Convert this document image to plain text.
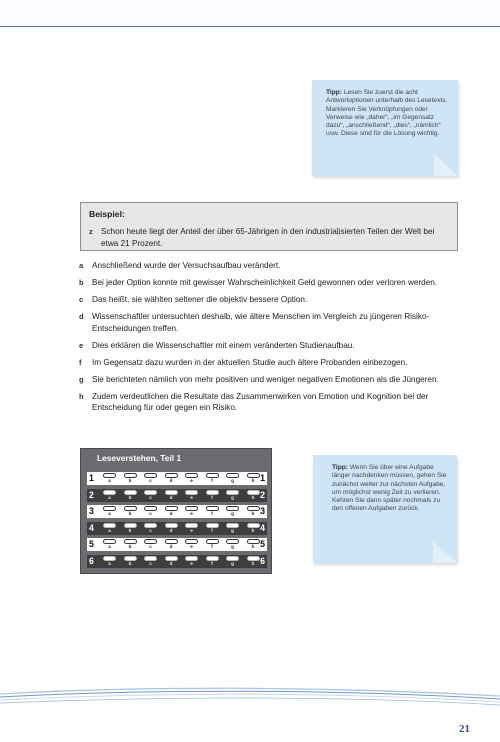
Tipp: Lesen Sie zuerst die acht Antwortoptionen unterhalb des Lesetexts. Markieren Sie Verknüpfungen oder Verweise wie „daher“, „im Gegensatz dazu“, „anschließend“, „dies“, „nämlich“ usw. Diese sind für die Lösung wichtig.
Beispiel:
z Schon heute liegt der Anteil der über 65-Jährigen in den industrialisierten Teilen der Welt bei etwa 21 Prozent.
a Anschließend wurde der Versuchsaufbau verändert.
b Bei jeder Option konnte mit gewisser Wahrscheinlichkeit Geld gewonnen oder verloren werden.
c Das heißt, sie wählten seltener die objektiv bessere Option.
d Wissenschaftler untersuchten deshalb, wie ältere Menschen im Vergleich zu jüngeren Risiko-Entscheidungen treffen.
e Dies erklären die Wissenschaftler mit einem veränderten Studienaufbau.
f Im Gegensatz dazu wurden in der aktuellen Studie auch ältere Probanden einbezogen.
g Sie berichteten nämlich von mehr positiven und weniger negativen Emotionen als die Jüngeren.
h Zudem verdeutlichen die Resultate das Zusammenwirken von Emotion und Kognition bei der Entscheidung für oder gegen ein Risiko.
Leseverstehen, Teil 1
1	a	b	c	d	e	f	g	h 1
2	a	b	c	d	e	f	g	h 2
3	a	b	c	d	e	f	g	h 3
4	a	b	c	d	e	f	g	h 4
5	a	b	c	d	e	f	g	h 5
6	a	b	c	d	e	f	g	h 6
Tipp: Wenn Sie über eine Aufgabe länger nachdenken müssen, gehen Sie zunächst weiter zur nächsten Aufgabe, um möglichst wenig Zeit zu verlieren. Kehren Sie dann später nochmals zu den offenen Aufgaben zurück.
21
